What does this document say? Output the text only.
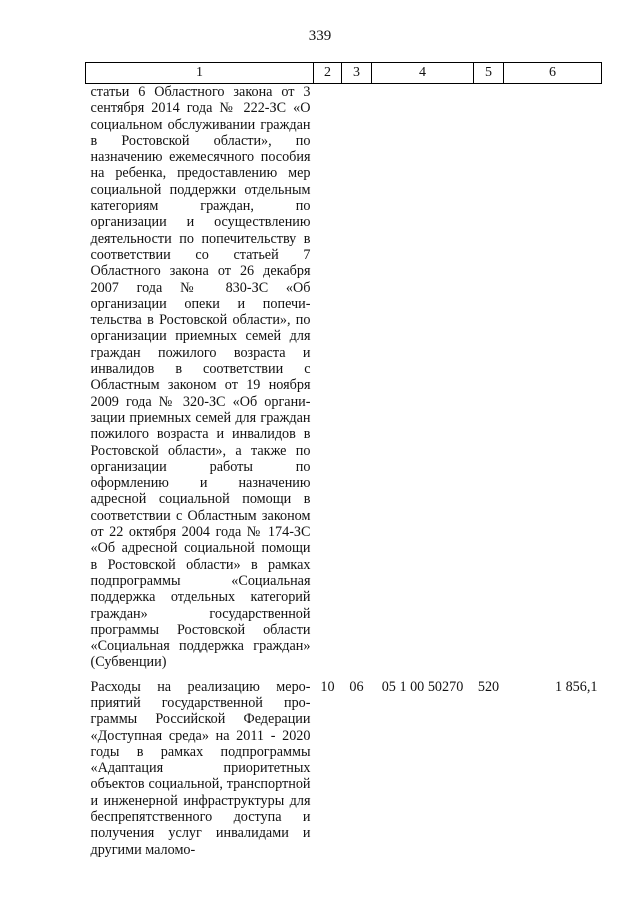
339
1	2	3	4	5	6
статьи 6 Областного закона от 3 сентября 2014 года № 222-ЗС «О социальном обслуживании граждан в Ростовской области», по назначению ежемесячного пособия на ребенка, предоставлению мер социальной поддержки отдельным категориям граждан, по организации и осуществлению деятельности по попечительству в соответствии со статьей 7 Областного закона от 26 декабря 2007 года № 830-ЗС «Об организации опеки и попечительства в Ростовской области», по организации приемных семей для граждан пожилого возраста и инвалидов в соответствии с Областным законом от 19 ноября 2009 года № 320-ЗС «Об организации приемных семей для граждан пожилого возраста и инвалидов в Ростовской области», а также по организации работы по оформлению и назначению адресной социальной помощи в соответствии с Областным законом от 22 октября 2004 года № 174-ЗС «Об адресной социальной помощи в Ростовской области» в рамках подпрограммы «Социальная поддержка отдельных категорий граждан» государственной программы Ростовской области «Социальная поддержка граждан» (Субвенции)					
Расходы на реализацию мероприятий государственной программы Российской Федерации «Доступная среда» на 2011 - 2020 годы в рамках подпрограммы «Адаптация приоритетных объектов социальной, транспортной и инженерной инфраструктуры для беспрепятственного доступа и получения услуг инвалидами и другими маломо-	10	06	05 1 00 50270	520	1 856,1
